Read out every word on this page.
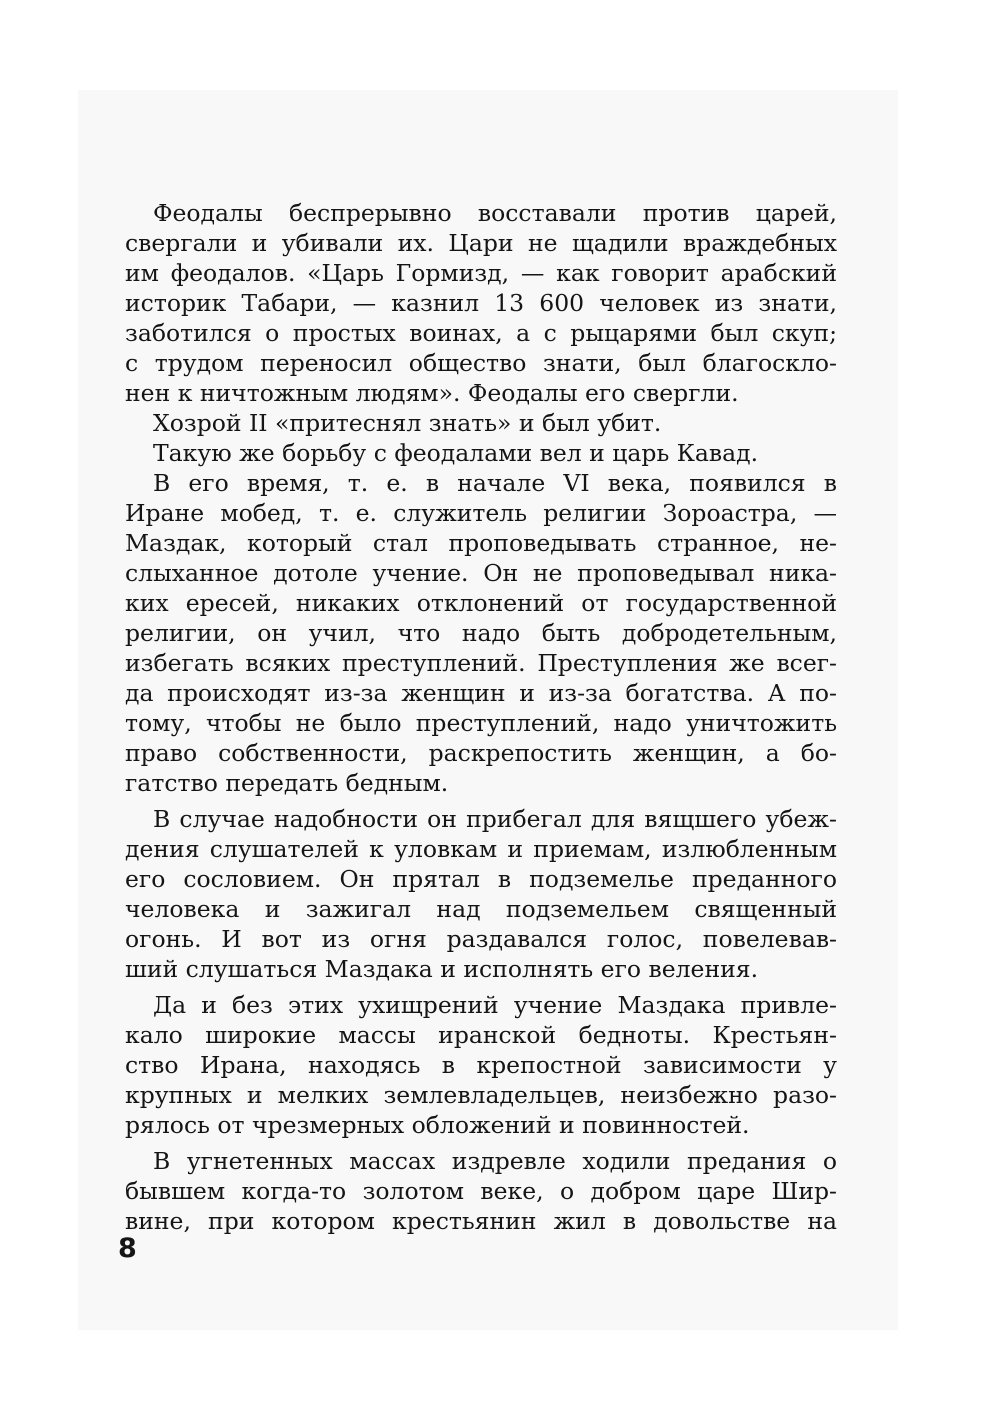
Феодалы беспрерывно восставали против царей,
свергали и убивали их. Цари не щадили враждебных
им феодалов. «Царь Гормизд, — как говорит арабский
историк Табари, — казнил 13 600 человек из знати,
заботился о простых воинах, а с рыцарями был скуп;
с трудом переносил общество знати, был благосклo-
нен к ничтожным людям». Феодалы его свергли.
Хозрой II «притеснял знать» и был убит.
Такую же борьбу с феодалами вел и царь Кавад.
В его время, т. е. в начале VI века, появился в
Иране мобед, т. е. служитель религии Зороастра, —
Маздак, который стал проповедывать странное, не-
слыханное дотоле учение. Он не проповедывал никa-
ких ересей, никаких отклонений от государственной
религии, он учил, что надо быть добродетельным,
избегать всяких преступлений. Преступления же всег-
да происходят из-за женщин и из-за богатства. А по-
тому, чтобы не было преступлений, надо уничтожить
право собственности, раскрепостить женщин, а бо-
гатство передать бедным.
В случае надобности он прибегал для вящшего убеж-
дения слушателей к уловкам и приемам, излюбленным
его сословием. Он прятал в подземелье преданного
человека и зажигал над подземельем священный
огонь. И вот из огня раздавался голос, повелевав-
ший слушаться Маздака и исполнять его веления.
Да и без этих ухищрений учение Маздака привле-
кало широкие массы иранской бедноты. Крестьян-
ство Ирана, находясь в крепостной зависимости у
крупных и мелких землевладельцев, неизбежно разо-
рялось от чрезмерных обложений и повинностей.
В угнетенных массах издревле ходили предания о
бывшем когда-то золотом веке, о добром царе Шир-
вине, при котором крестьянин жил в довольстве на
8
